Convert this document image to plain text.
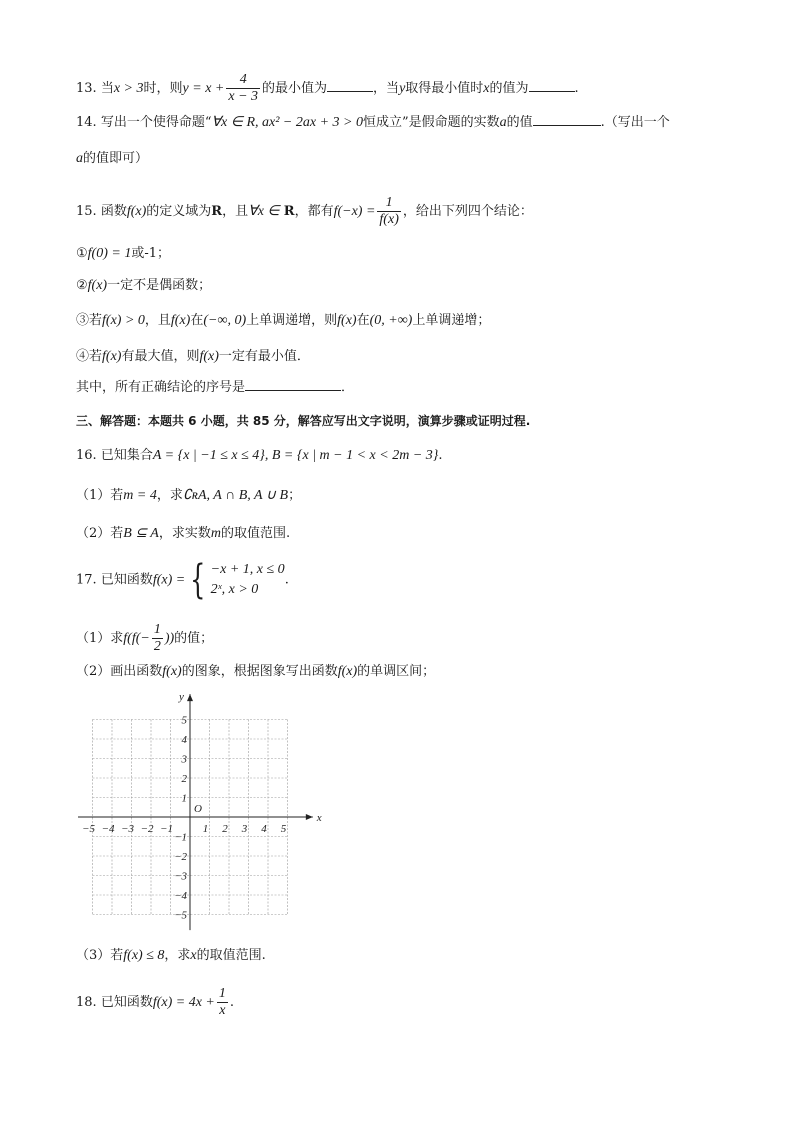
13. 当x > 3时，则$y = x + \frac{4}{x - 3}$ 的最小值为	，当y取得最小值时x的值为	.
14. 写出一个使得命题“∀x ∈ R, ax² − 2ax + 3 > 0恒成立”是假命题的实数a的值	.（写出一个
a的值即可）
15. 函数f(x)的定义域为R，且∀x ∈ R，都有$f(-x) = \frac{1}{f(x)}$ ，给出下列四个结论：
①f(0) = 1或-1；
②f(x)一定不是偶函数；
③若f(x) > 0，且f(x)在(−∞, 0)上单调递增，则f(x)在(0, +∞)上单调递增；
④若f(x)有最大值，则f(x)一定有最小值．
其中，所有正确结论的序号是	．
三、解答题：本题共 6 小题，共 85 分，解答应写出文字说明，演算步骤或证明过程.
16. 已知集合A = {x | −1 ≤ x ≤ 4}, B = {x | m − 1 < x < 2m − 3}.
（1）若m = 4，求∁ʀA, A ∩ B, A ∪ B；
（2）若B ⊆ A，求实数m的取值范围.
17. 已知函数f(x) = { −x + 1, x ≤ 0
2ˣ, x > 0
.
（1）求$f(f(- \frac{1}{2}$ ))的值；
（2）画出函数f(x)的图象，根据图象写出函数f(x)的单调区间；
x
y
O
−5 −4 −3 −2 −1	1 2 3 4 5
5
4
3
2
1
−1
−2
−3
−4
−5
（3）若f(x) ≤ 8，求x的取值范围.
18. 已知函数$f(x) = 4x + \frac{1}{x}$ .
